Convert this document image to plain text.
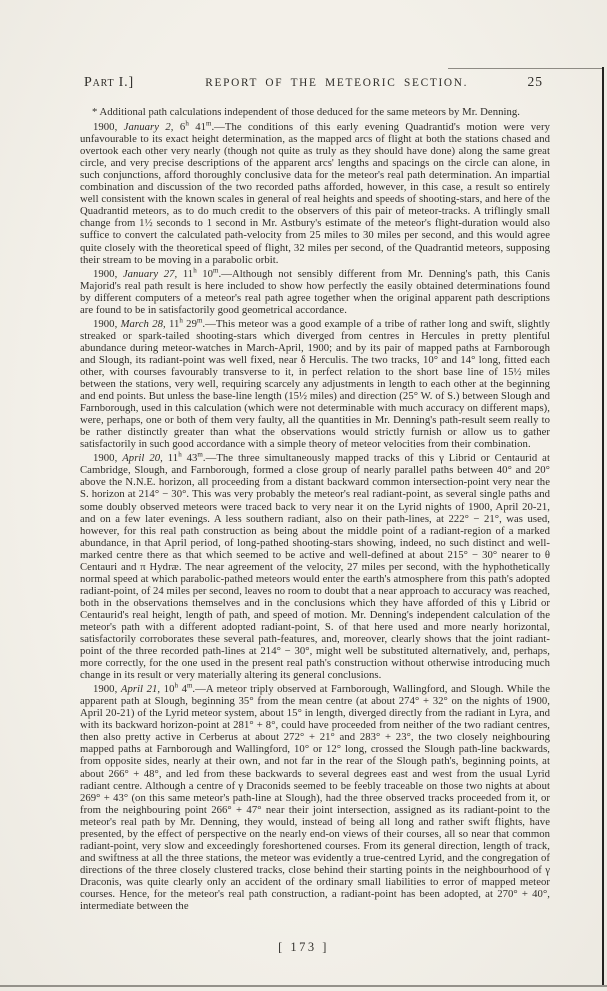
Part I.]	REPORT OF THE METEORIC SECTION.	25

* Additional path calculations independent of those deduced for the same meteors by Mr. Denning.

1900, January 2, 6$^h$ 41$^m$.—The conditions of this early evening Quadrantid's motion were very unfavourable to its exact height determination, as the mapped arcs of flight at both the stations chased and overtook each other very nearly (though not quite as truly as they should have done) along the same great circle, and very precise descriptions of the apparent arcs' lengths and spacings on the circle can alone, in such conjunctions, afford thoroughly conclusive data for the meteor's real path determination. An impartial combination and discussion of the two recorded paths afforded, however, in this case, a result so entirely well consistent with the known scales in general of real heights and speeds of shooting-stars, and here of the Quadrantid meteors, as to do much credit to the observers of this pair of meteor-tracks. A triflingly small change from 1½ seconds to 1 second in Mr. Astbury's estimate of the meteor's flight-duration would also suffice to convert the calculated path-velocity from 25 miles to 30 miles per second, and this would agree quite closely with the theoretical speed of flight, 32 miles per second, of the Quadrantid meteors, supposing their stream to be moving in a parabolic orbit.

1900, January 27, 11$^h$ 10$^m$.—Although not sensibly different from Mr. Denning's path, this Canis Majorid's real path result is here included to show how perfectly the easily obtained determinations found by different computers of a meteor's real path agree together when the original apparent path descriptions are found to be in satisfactorily good geometrical accordance.

1900, March 28, 11$^h$ 29$^m$.—This meteor was a good example of a tribe of rather long and swift, slightly streaked or spark-tailed shooting-stars which diverged from centres in Hercules in pretty plentiful abundance during meteor-watches in March-April, 1900; and by its pair of mapped paths at Farnborough and Slough, its radiant-point was well fixed, near δ Herculis. The two tracks, 10° and 14° long, fitted each other, with courses favourably transverse to it, in perfect relation to the short base line of 15½ miles between the stations, very well, requiring scarcely any adjustments in length to each other at the beginning and end points. But unless the base-line length (15½ miles) and direction (25° W. of S.) between Slough and Farnborough, used in this calculation (which were not determinable with much accuracy on different maps), were, perhaps, one or both of them very faulty, all the quantities in Mr. Denning's path-result seem really to be rather distinctly greater than what the observations would strictly furnish or allow us to gather satisfactorily in such good accordance with a simple theory of meteor velocities from their combination.

1900, April 20, 11$^h$ 43$^m$.—The three simultaneously mapped tracks of this γ Librid or Centaurid at Cambridge, Slough, and Farnborough, formed a close group of nearly parallel paths between 40° and 20° above the N.N.E. horizon, all proceeding from a distant backward common intersection-point very near the S. horizon at 214° − 30°. This was very probably the meteor's real radiant-point, as several single paths and some doubly observed meteors were traced back to very near it on the Lyrid nights of 1900, April 20-21, and on a few later evenings. A less southern radiant, also on their path-lines, at 222° − 21°, was used, however, for this real path construction as being about the middle point of a radiant-region of a marked abundance, in that April period, of long-pathed shooting-stars showing, indeed, no such distinct and well-marked centre there as that which seemed to be active and well-defined at about 215° − 30° nearer to θ Centauri and π Hydræ. The near agreement of the velocity, 27 miles per second, with the hyphothetically normal speed at which parabolic-pathed meteors would enter the earth's atmosphere from this path's adopted radiant-point, of 24 miles per second, leaves no room to doubt that a near approach to accuracy was reached, both in the observations themselves and in the conclusions which they have afforded of this γ Librid or Centaurid's real height, length of path, and speed of motion. Mr. Denning's independent calculation of the meteor's path with a different adopted radiant-point, S. of that here used and more nearly horizontal, satisfactorily corroborates these several path-features, and, moreover, clearly shows that the joint radiant-point of the three recorded path-lines at 214° − 30°, might well be substituted alternatively, and, perhaps, more correctly, for the one used in the present real path's construction without otherwise introducing much change in its result or very materially altering its general conclusions.

1900, April 21, 10$^h$ 4$^m$.—A meteor triply observed at Farnborough, Wallingford, and Slough. While the apparent path at Slough, beginning 35° from the mean centre (at about 274° + 32° on the nights of 1900, April 20-21) of the Lyrid meteor system, about 15° in length, diverged directly from the radiant in Lyra, and with its backward horizon-point at 281° + 8°, could have proceeded from neither of the two radiant centres, then also pretty active in Cerberus at about 272° + 21° and 283° + 23°, the two closely neighbouring mapped paths at Farnborough and Wallingford, 10° or 12° long, crossed the Slough path-line backwards, from opposite sides, nearly at their own, and not far in the rear of the Slough path's, beginning points, at about 266° + 48°, and led from these backwards to several degrees east and west from the usual Lyrid radiant centre. Although a centre of γ Draconids seemed to be feebly traceable on those two nights at about 269° + 43° (on this same meteor's path-line at Slough), had the three observed tracks proceeded from it, or from the neighbouring point 266° + 47° near their joint intersection, assigned as its radiant-point to the meteor's real path by Mr. Denning, they would, instead of being all long and rather swift flights, have presented, by the effect of perspective on the nearly end-on views of their courses, all so near that common radiant-point, very slow and exceedingly foreshortened courses. From its general direction, length of track, and swiftness at all the three stations, the meteor was evidently a true-centred Lyrid, and the congregation of directions of the three closely clustered tracks, close behind their starting points in the neighbourhood of γ Draconis, was quite clearly only an accident of the ordinary small liabilities to error of mapped meteor courses. Hence, for the meteor's real path construction, a radiant-point has been adopted, at 270° + 40°, intermediate between the

[ 173 ]
